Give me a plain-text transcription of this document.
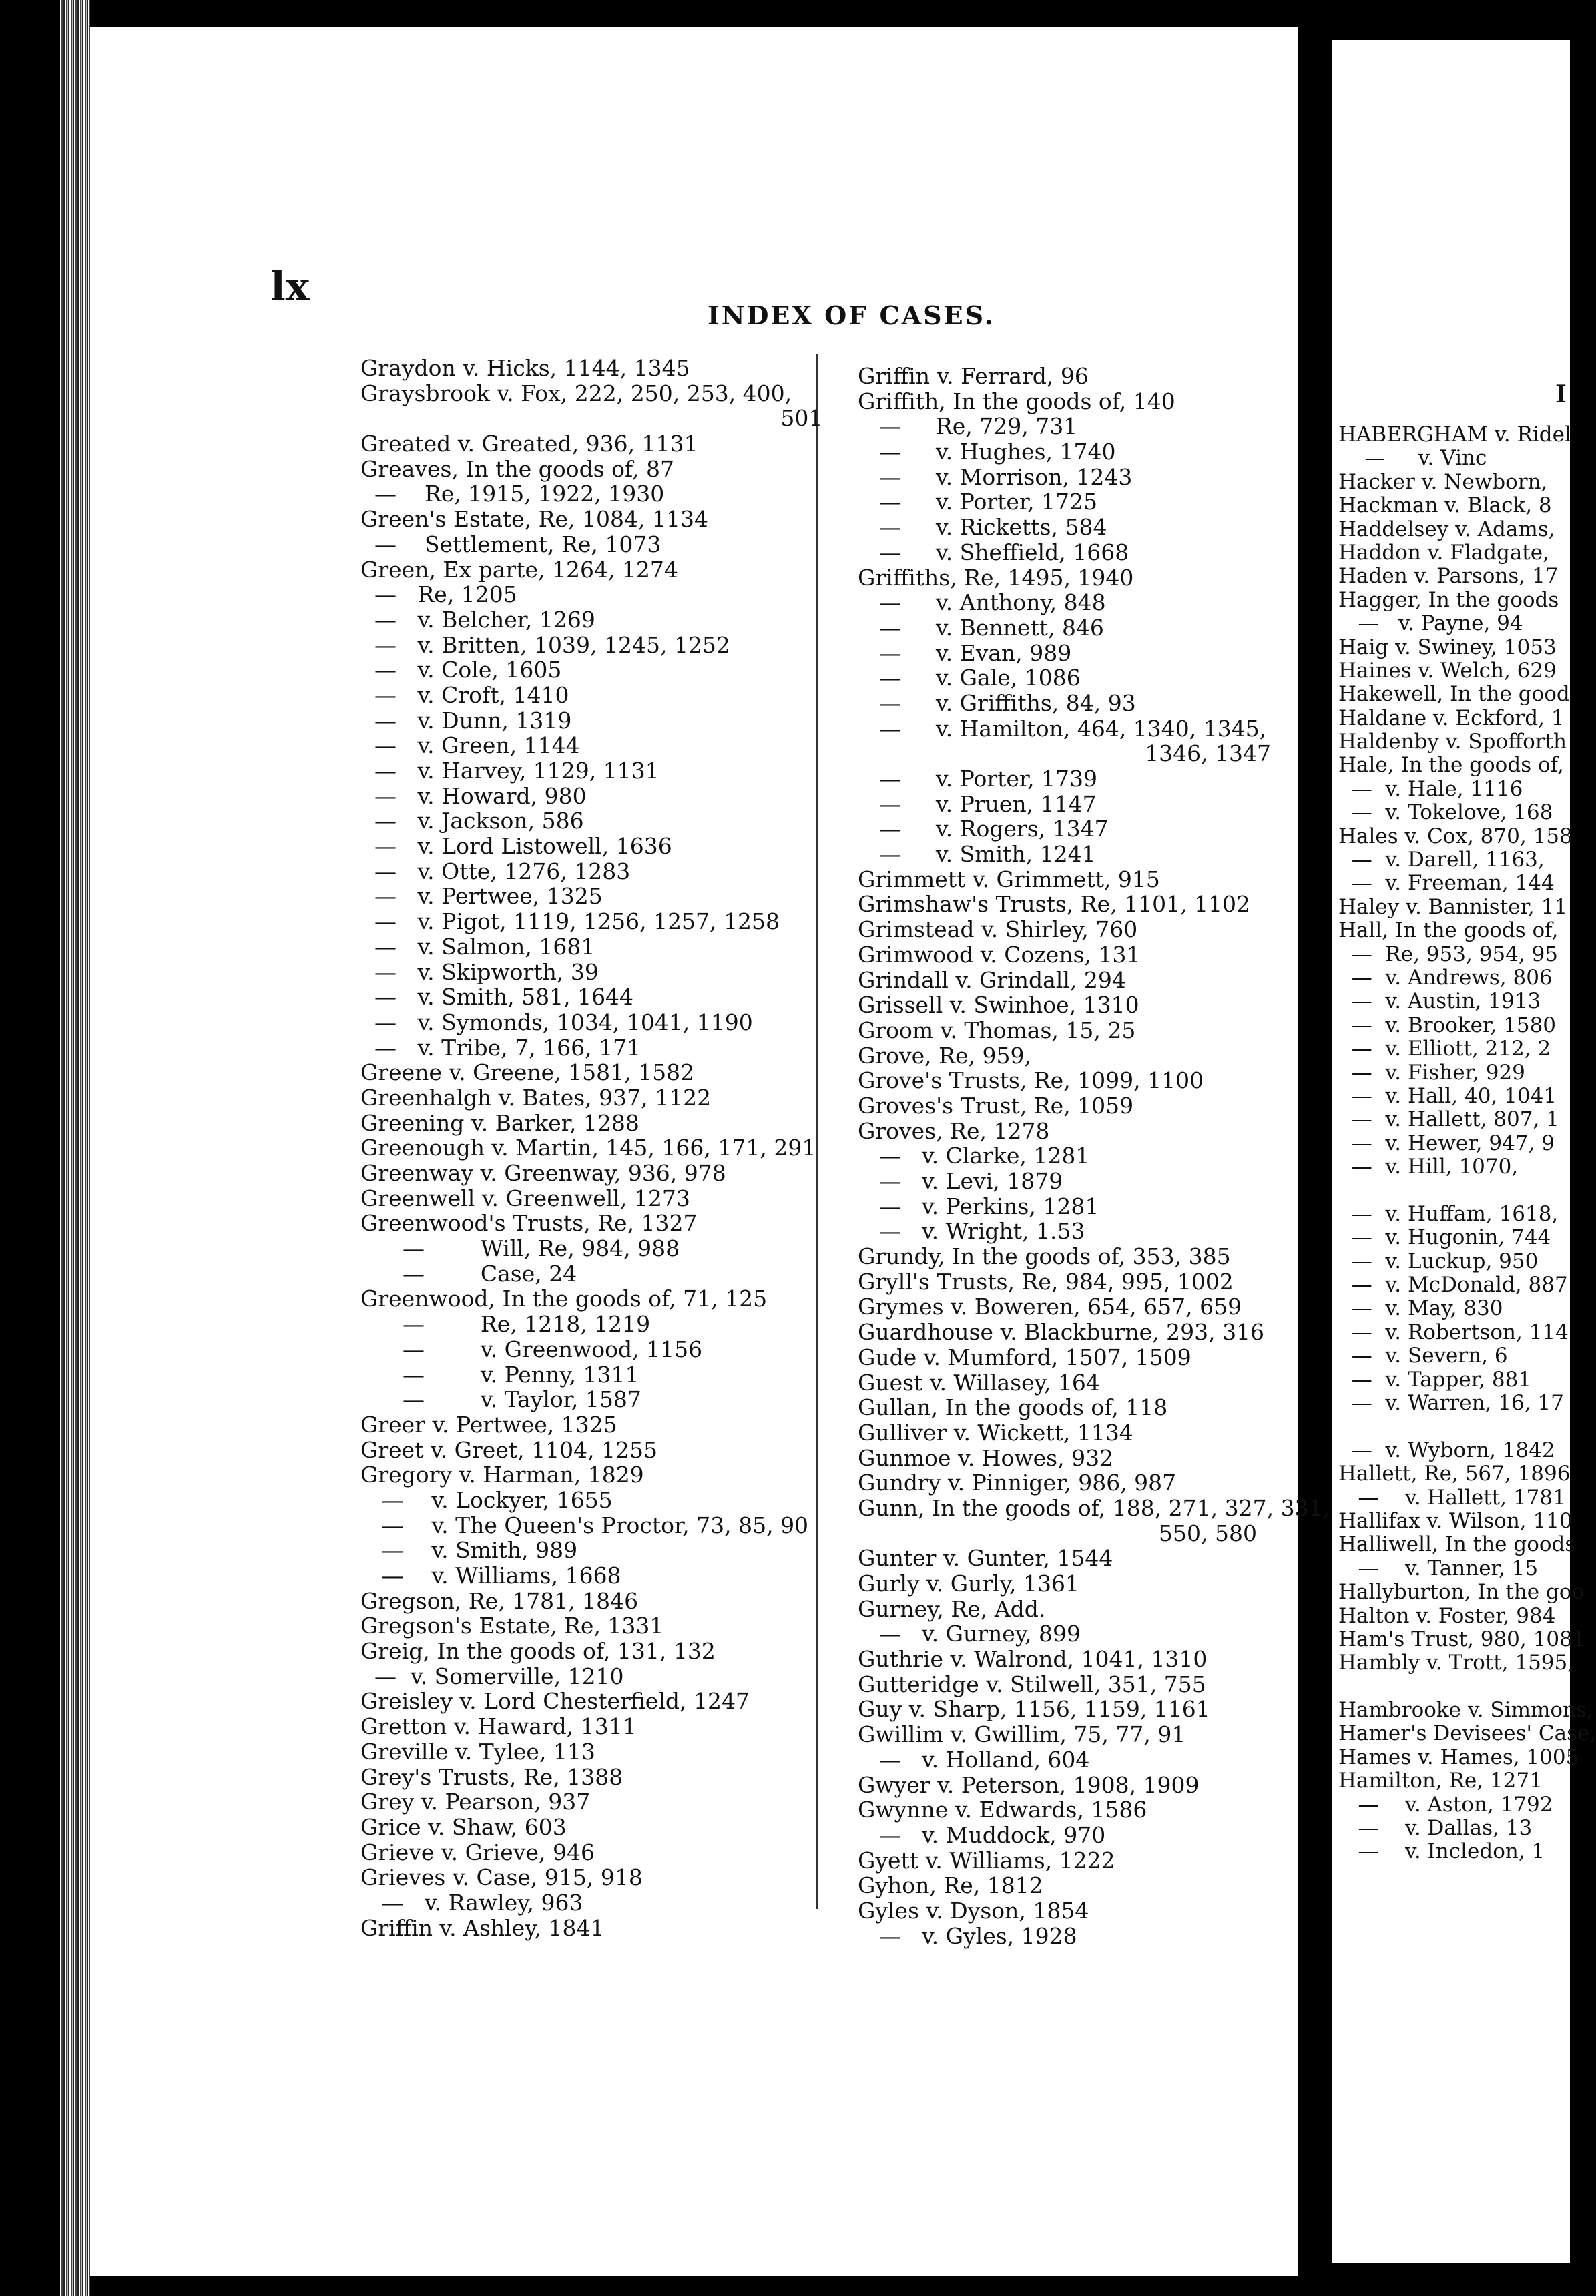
I
HABERGHAM v. Ridel
—     v. Vinc
Hacker v. Newborn,
Hackman v. Black, 8
Haddelsey v. Adams,
Haddon v. Fladgate,
Haden v. Parsons, 17
Hagger, In the goods
—   v. Payne, 94
Haig v. Swiney, 1053
Haines v. Welch, 629
Hakewell, In the good
Haldane v. Eckford, 1
Haldenby v. Spofforth
Hale, In the goods of,
—  v. Hale, 1116
—  v. Tokelove, 168
Hales v. Cox, 870, 158
—  v. Darell, 1163,
—  v. Freeman, 144
Haley v. Bannister, 11
Hall, In the goods of,
—  Re, 953, 954, 95
—  v. Andrews, 806
—  v. Austin, 1913
—  v. Brooker, 1580
—  v. Elliott, 212, 2
—  v. Fisher, 929
—  v. Hall, 40, 1041
—  v. Hallett, 807, 1
—  v. Hewer, 947, 9
—  v. Hill, 1070,
—  v. Huffam, 1618,
—  v. Hugonin, 744
—  v. Luckup, 950
—  v. McDonald, 887
—  v. May, 830
—  v. Robertson, 114
—  v. Severn, 6
—  v. Tapper, 881
—  v. Warren, 16, 17
—  v. Wyborn, 1842
Hallett, Re, 567, 1896
—    v. Hallett, 1781
Hallifax v. Wilson, 110
Halliwell, In the goods
—    v. Tanner, 15
Hallyburton, In the goo
Halton v. Foster, 984
Ham's Trust, 980, 1081
Hambly v. Trott, 1595,
Hambrooke v. Simmons,
Hamer's Devisees' Case,
Hames v. Hames, 1005
Hamilton, Re, 1271
—    v. Aston, 1792
—    v. Dallas, 13
—    v. Incledon, 1
lx
INDEX OF CASES.
Graydon v. Hicks, 1144, 1345
Graysbrook v. Fox, 222, 250, 253, 400,
501
Greated v. Greated, 936, 1131
Greaves, In the goods of, 87
—    Re, 1915, 1922, 1930
Green's Estate, Re, 1084, 1134
—    Settlement, Re, 1073
Green, Ex parte, 1264, 1274
—   Re, 1205
—   v. Belcher, 1269
—   v. Britten, 1039, 1245, 1252
—   v. Cole, 1605
—   v. Croft, 1410
—   v. Dunn, 1319
—   v. Green, 1144
—   v. Harvey, 1129, 1131
—   v. Howard, 980
—   v. Jackson, 586
—   v. Lord Listowell, 1636
—   v. Otte, 1276, 1283
—   v. Pertwee, 1325
—   v. Pigot, 1119, 1256, 1257, 1258
—   v. Salmon, 1681
—   v. Skipworth, 39
—   v. Smith, 581, 1644
—   v. Symonds, 1034, 1041, 1190
—   v. Tribe, 7, 166, 171
Greene v. Greene, 1581, 1582
Greenhalgh v. Bates, 937, 1122
Greening v. Barker, 1288
Greenough v. Martin, 145, 166, 171, 291
Greenway v. Greenway, 936, 978
Greenwell v. Greenwell, 1273
Greenwood's Trusts, Re, 1327
—        Will, Re, 984, 988
—        Case, 24
Greenwood, In the goods of, 71, 125
—        Re, 1218, 1219
—        v. Greenwood, 1156
—        v. Penny, 1311
—        v. Taylor, 1587
Greer v. Pertwee, 1325
Greet v. Greet, 1104, 1255
Gregory v. Harman, 1829
—    v. Lockyer, 1655
—    v. The Queen's Proctor, 73, 85, 90
—    v. Smith, 989
—    v. Williams, 1668
Gregson, Re, 1781, 1846
Gregson's Estate, Re, 1331
Greig, In the goods of, 131, 132
—  v. Somerville, 1210
Greisley v. Lord Chesterfield, 1247
Gretton v. Haward, 1311
Greville v. Tylee, 113
Grey's Trusts, Re, 1388
Grey v. Pearson, 937
Grice v. Shaw, 603
Grieve v. Grieve, 946
Grieves v. Case, 915, 918
—   v. Rawley, 963
Griffin v. Ashley, 1841
Griffin v. Ferrard, 96
Griffith, In the goods of, 140
—     Re, 729, 731
—     v. Hughes, 1740
—     v. Morrison, 1243
—     v. Porter, 1725
—     v. Ricketts, 584
—     v. Sheffield, 1668
Griffiths, Re, 1495, 1940
—     v. Anthony, 848
—     v. Bennett, 846
—     v. Evan, 989
—     v. Gale, 1086
—     v. Griffiths, 84, 93
—     v. Hamilton, 464, 1340, 1345,
1346, 1347
—     v. Porter, 1739
—     v. Pruen, 1147
—     v. Rogers, 1347
—     v. Smith, 1241
Grimmett v. Grimmett, 915
Grimshaw's Trusts, Re, 1101, 1102
Grimstead v. Shirley, 760
Grimwood v. Cozens, 131
Grindall v. Grindall, 294
Grissell v. Swinhoe, 1310
Groom v. Thomas, 15, 25
Grove, Re, 959,
Grove's Trusts, Re, 1099, 1100
Groves's Trust, Re, 1059
Groves, Re, 1278
—   v. Clarke, 1281
—   v. Levi, 1879
—   v. Perkins, 1281
—   v. Wright, 1.53
Grundy, In the goods of, 353, 385
Gryll's Trusts, Re, 984, 995, 1002
Grymes v. Boweren, 654, 657, 659
Guardhouse v. Blackburne, 293, 316
Gude v. Mumford, 1507, 1509
Guest v. Willasey, 164
Gullan, In the goods of, 118
Gulliver v. Wickett, 1134
Gunmoe v. Howes, 932
Gundry v. Pinniger, 986, 987
Gunn, In the goods of, 188, 271, 327, 331,
550, 580
Gunter v. Gunter, 1544
Gurly v. Gurly, 1361
Gurney, Re, Add.
—   v. Gurney, 899
Guthrie v. Walrond, 1041, 1310
Gutteridge v. Stilwell, 351, 755
Guy v. Sharp, 1156, 1159, 1161
Gwillim v. Gwillim, 75, 77, 91
—   v. Holland, 604
Gwyer v. Peterson, 1908, 1909
Gwynne v. Edwards, 1586
—   v. Muddock, 970
Gyett v. Williams, 1222
Gyhon, Re, 1812
Gyles v. Dyson, 1854
—   v. Gyles, 1928
